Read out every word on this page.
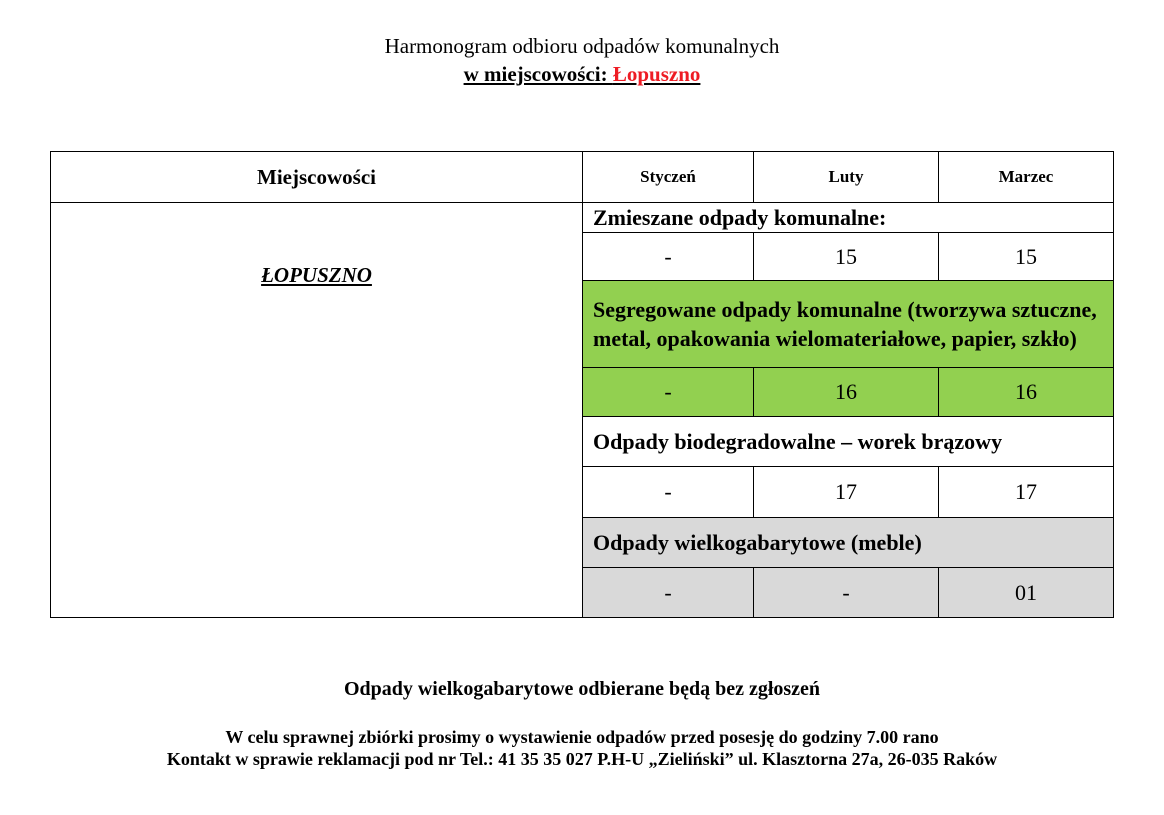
Harmonogram odbioru odpadów komunalnych
w miejscowości: Łopuszno
Miejscowości	Styczeń	Luty	Marzec
ŁOPUSZNO	Zmieszane odpady komunalne:		
	-	15	15
	Segregowane odpady komunalne (tworzywa sztuczne, metal, opakowania wielomateriałowe, papier, szkło)		
	-	16	16
	Odpady biodegradowalne – worek brązowy		
	-	17	17
	Odpady wielkogabarytowe (meble)		
	-	-	01
Odpady wielkogabarytowe odbierane będą bez zgłoszeń
W celu sprawnej zbiórki prosimy o wystawienie odpadów przed posesję do godziny 7.00 rano
Kontakt w sprawie reklamacji pod nr Tel.: 41 35 35 027 P.H-U „Zieliński” ul. Klasztorna 27a, 26-035 Raków
